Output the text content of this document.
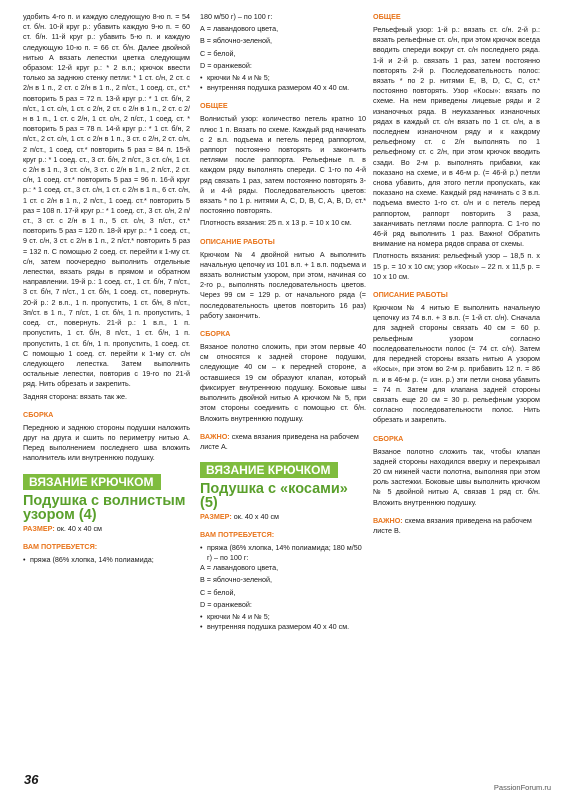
удобить 4-го п. и каждую следующую 8-ю п. = 54 ст. б/н. 10-й круг р.: убавить каждую 9-ю п. = 60 ст. б/н. 11-й круг р.: убавить 5-ю п. и каждую следующую 10-ю п. = 66 ст. б/н. Далее двойной нитью А вязать лепестки цветка следующим образом: 12-й круг р.: * 2 в.п.; крючок ввести только за заднюю стенку петли: * 1 ст. с/н, 2 ст. с 2/н в 1 п., 2 ст. с 2/н в 1 п., 2 п/ст., 1 соед. ст., ст.* повторить 5 раз = 72 п. 13-й круг р.: * 1 ст. б/н, 2 п/ст., 1 ст. с/н, 1 ст. с 2/н, 2 ст. с 2/н в 1 п., 2 ст. с 2/н в 1 п., 1 ст. с 2/н, 1 ст. с/н, 2 п/ст., 1 соед. ст. * повторить 5 раз = 78 п. 14-й круг р.: * 1 ст. б/н, 2 п/ст., 2 ст. с/н, 1 ст. с 2/н в 1 п., 3 ст. с 2/н, 2 ст. с/н, 2 п/ст., 1 соед. ст.* повторить 5 раз = 84 п. 15-й круг р.: * 1 соед. ст., 3 ст. б/н, 2 п/ст., 3 ст. с/н, 1 ст. с 2/н в 1 п., 3 ст. с/н, 3 ст. с 2/н в 1 п., 2 п/ст., 2 ст. с/н, 1 соед. ст.* повторить 5 раз = 96 п. 16-й круг р.: * 1 соед. ст., 3 ст. с/н, 1 ст. с 2/н в 1 п., 6 ст. с/н, 1 ст. с 2/н в 1 п., 2 п/ст., 1 соед. ст.* повторить 5 раз = 108 п. 17-й круг р.: * 1 соед. ст., 3 ст. с/н, 2 п/ст., 3 ст. с 2/н в 1 п., 5 ст. с/н, 3 п/ст., ст.* повторить 5 раз = 120 п. 18-й круг р.: * 1 соед. ст., 9 ст. с/н, 3 ст. с 2/н в 1 п., 2 п/ст.* повторить 5 раз = 132 п. С помощью 2 соед. ст. перейти к 1-му ст. с/н, затем поочередно выполнить отдельные лепестки, вязать ряды в прямом и обратном направлении. 19-й р.: 1 соед. ст., 1 ст. б/н, 7 п/ст., 3 ст. б/н, 7 п/ст., 1 ст. б/н, 1 соед. ст., повернуть. 20-й р.: 2 в.п., 1 п. пропустить, 1 ст. б/н, 8 п/ст., 3п/ст. в 1 п., 7 п/ст., 1 ст. б/н, 1 п. пропустить, 1 соед. ст., повернуть. 21-й р.: 1 в.п., 1 п. пропустить, 1 ст. б/н, 8 п/ст., 1 ст. б/н, 1 п. пропустить, 1 ст. б/н, 1 п. пропустить, 1 соед. ст. С помощью 1 соед. ст. перейти к 1-му ст. с/н следующего лепестка. Затем выполнить остальные лепестки, повторив с 19-го по 21-й ряд. Нить обрезать и закрепить.

Задняя сторона: вязать так же.

СБОРКА

Переднюю и заднюю стороны подушки наложить друг на друга и сшить по периметру нитью А. Перед выполнением последнего шва вложить наполнитель или внутреннюю подушку.

ВЯЗАНИЕ КРЮЧКОМ
Подушка с волнистым узором (4)
РАЗМЕР: ок. 40 x 40 см
ВАМ ПОТРЕБУЕТСЯ:

• пряжа (86% хлопка, 14% полиамида;

180 м/50 г) – по 100 г:

А = лавандового цвета,

В = яблочно-зеленой,

С = белой,

D = оранжевой:

• крючки № 4 и № 5;

• внутренняя подушка размером 40 x 40 см.

ОБЩЕЕ

Волнистый узор: количество петель кратно 10 плюс 1 п. Вязать по схеме. Каждый ряд начинать с 2 в.п. подъема и петель перед раппортом, раппорт постоянно повторять и закончить петлями после раппорта. Рельефные п. в каждом ряду выполнять спереди. С 1-го по 4-й ряд связать 1 раз, затем постоянно повторять 3-й и 4-й ряды. Последовательность цветов: вязать * по 1 р. нитями А, С, D, B, C, A, B, D, ст.* постоянно повторять.

Плотность вязания: 25 п. x 13 р. = 10 x 10 см.

ОПИСАНИЕ РАБОТЫ

Крючком № 4 двойной нитью А выполнить начальную цепочку из 101 в.п. + 1 в.п. подъема и вязать волнистым узором, при этом, начиная со 2-го р., выполнять последовательность цветов. Через 99 см = 129 р. от начального ряда (= последовательность цветов повторить 16 раз) работу закончить.

СБОРКА

Вязаное полотно сложить, при этом первые 40 см относятся к задней стороне подушки, следующие 40 см – к передней стороне, а оставшиеся 19 см образуют клапан, который фиксирует внутреннюю подушку. Боковые швы выполнить двойной нитью А крючком № 5, при этом стороны соединить с помощью ст. б/н. Вложить внутреннюю подушку.

ВАЖНО: схема вязания приведена на рабочем листе А.
ВЯЗАНИЕ КРЮЧКОМ
Подушка с «косами» (5)
РАЗМЕР: ок. 40 x 40 см
ВАМ ПОТРЕБУЕТСЯ:

• пряжа (86% хлопка, 14% полиамида; 180 м/50 г) – по 100 г:

А = лавандового цвета,

В = яблочно-зеленой,

С = белой,

D = оранжевой:

• крючки № 4 и № 5;

• внутренняя подушка размером 40 x 40 см.

ОБЩЕЕ

Рельефный узор: 1-й р.: вязать ст. с/н. 2-й р.: вязать рельефные ст. с/н, при этом крючок всегда вводить спереди вокруг ст. с/н последнего ряда. 1-й и 2-й р. связать 1 раз, затем постоянно повторять 2-й р. Последовательность полос: вязать * по 2 р. нитями Е, В, D, C, С, ст.* постоянно повторять. Узор «Косы»: вязать по схеме. На нем приведены лицевые ряды и 2 изнаночных ряда. В неуказанных изнаночных рядах в каждый ст. с/н вязать по 1 ст. с/н, а в последнем изнаночном ряду и к каждому рельефному ст. с 2/н выполнять по 1 рельефному ст. с 2/н, при этом крючок вводить сзади. Во 2-м р. выполнять прибавки, как показано на схеме, и в 46-м р. (= 46-й р.) петли снова убавить, для этого петли пропускать, как показано на схеме. Каждый ряд начинать с 3 в.п. подъема вместо 1-го ст. с/н и с петель перед раппортом, раппорт повторить 3 раза, заканчивать петлями после раппорта. С 1-го по 46-й ряд выполнить 1 раз. Важно! Обратить внимание на номера рядов справа от схемы.

Плотность вязания: рельефный узор – 18,5 п. x 15 р. = 10 x 10 см; узор «Косы» – 22 п. x 11,5 р. = 10 x 10 см.

ОПИСАНИЕ РАБОТЫ

Крючком № 4 нитью Е выполнить начальную цепочку из 74 в.п. + 3 в.п. (= 1-й ст. с/н). Сначала для задней стороны связать 40 см = 60 р. рельефным узором согласно последовательности полос (= 74 ст. с/н). Затем для передней стороны вязать нитью А узором «Косы», при этом во 2-м р. прибавить 12 п. = 86 п. и в 46-м р. (= изн. р.) эти петли снова убавить = 74 п. Затем для клапана задней стороны связать еще 20 см = 30 р. рельефным узором согласно последовательности полос. Нить обрезать и закрепить.

СБОРКА

Вязаное полотно сложить так, чтобы клапан задней стороны находился вверху и перекрывал 20 см нижней части полотна, выполняя при этом роль застежки. Боковые швы выполнить крючком № 5 двойной нитью А, связав 1 ряд ст. б/н. Вложить внутреннюю подушку.

ВАЖНО: схема вязания приведена на рабочем листе В.
36
PassionForum.ru
